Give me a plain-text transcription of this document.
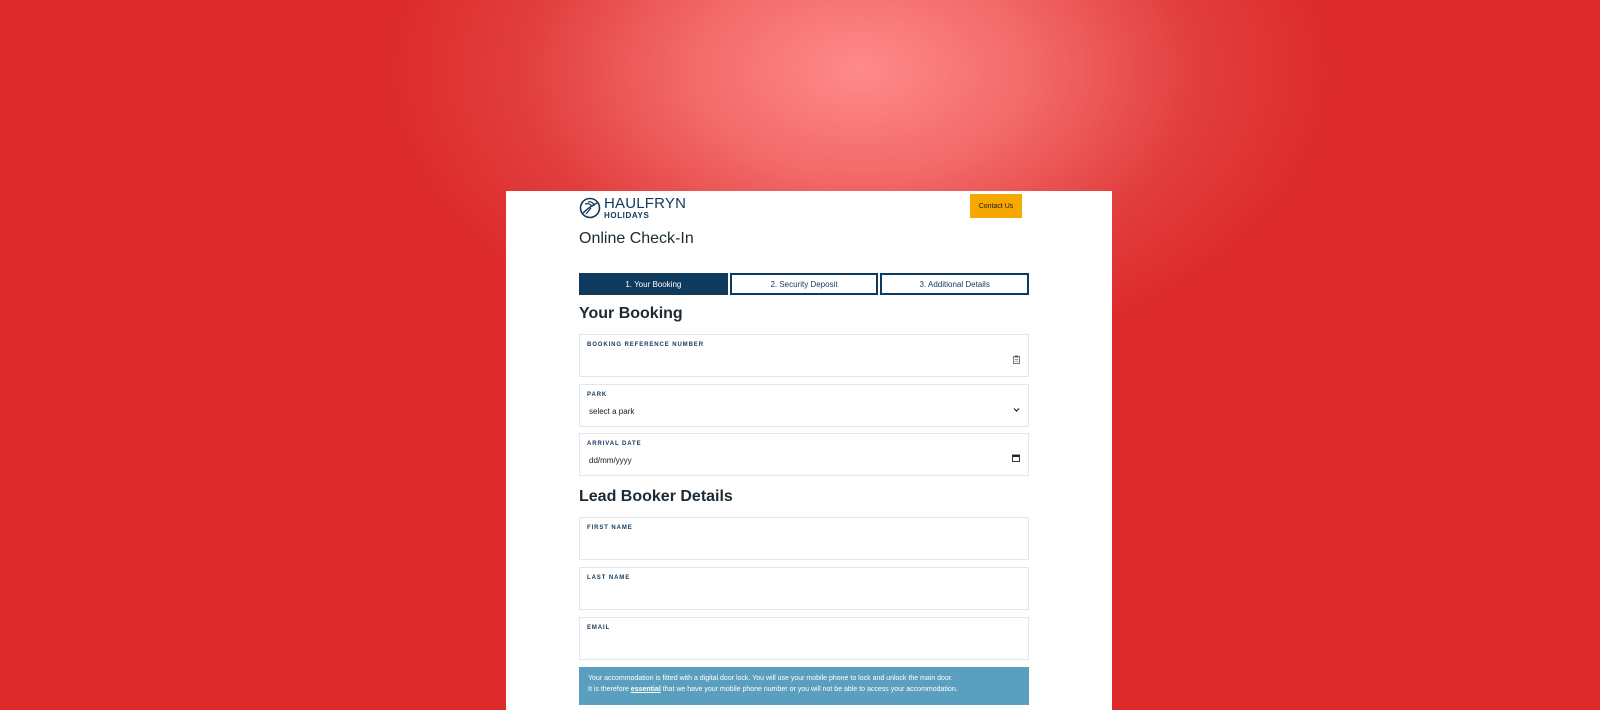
HAULFRYN
HOLIDAYS
Contact Us
Online Check-In
1. Your Booking	2. Security Deposit	3. Additional Details
Your Booking
BOOKING REFERENCE NUMBER
PARK
select a park
ARRIVAL DATE
dd/mm/yyyy
Lead Booker Details
FIRST NAME
LAST NAME
EMAIL
Your accommodation is fitted with a digital door lock. You will use your mobile phone to lock and unlock the main door.
It is therefore essential that we have your mobile phone number or you will not be able to access your accommodation.
